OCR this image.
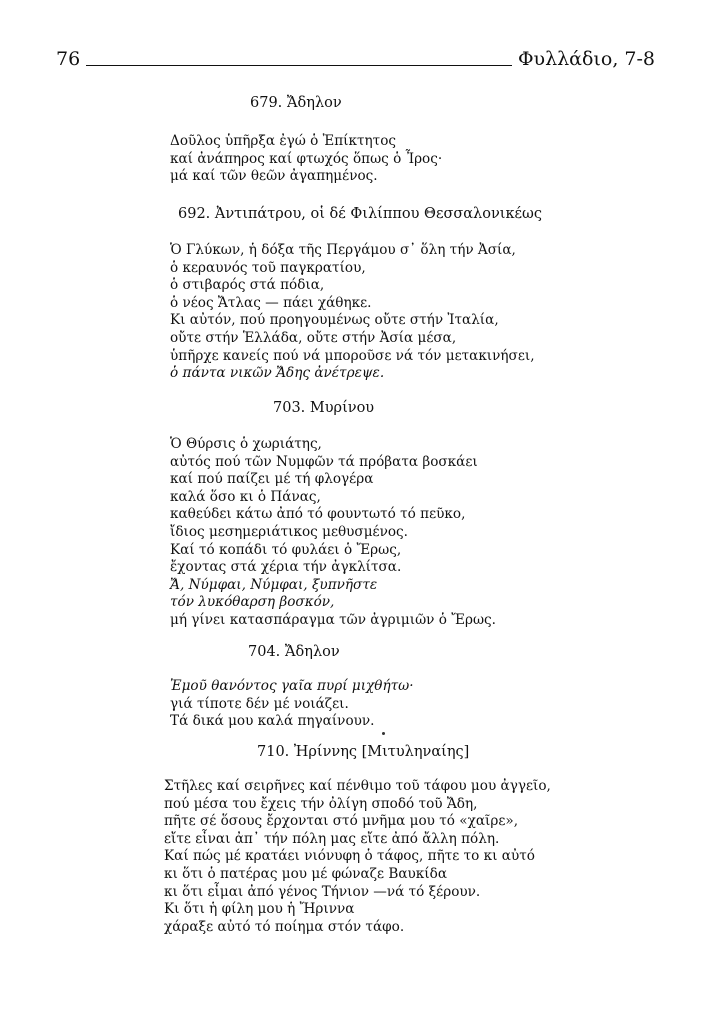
76	Φυλλάδιο, 7-8
679. Ἄδηλον
Δοῦλος ὑπῆρξα ἐγώ ὁ Ἐπίκτητος
καί ἀνάπηρος καί φτωχός ὅπως ὁ Ἶρος·
μά καί τῶν θεῶν ἀγαπημένος.
692. Ἀντιπάτρου, οἱ δέ Φιλίππου Θεσσαλονικέως
Ὁ Γλύκων, ἡ δόξα τῆς Περγάμου σ᾽ ὅλη τήν Ἀσία,
ὁ κεραυνός τοῦ παγκρατίου,
ὁ στιβαρός στά πόδια,
ὁ νέος Ἄτλας — πάει χάθηκε.
Κι αὐτόν, πού προηγουμένως οὔτε στήν Ἰταλία,
οὔτε στήν Ἑλλάδα, οὔτε στήν Ἀσία μέσα,
ὑπῆρχε κανείς πού νά μποροῦσε νά τόν μετακινήσει,
ὁ πάντα νικῶν Ἄδης ἀνέτρεψε.
703. Μυρίνου
Ὁ Θύρσις ὁ χωριάτης,
αὐτός πού τῶν Νυμφῶν τά πρόβατα βοσκάει
καί πού παίζει μέ τή φλογέρα
καλά ὅσο κι ὁ Πάνας,
καθεύδει κάτω ἀπό τό φουντωτό τό πεῦκο,
ἴδιος μεσημεριάτικος μεθυσμένος.
Καί τό κοπάδι τό φυλάει ὁ Ἔρως,
ἔχοντας στά χέρια τήν ἀγκλίτσα.
Ἄ, Νύμφαι, Νύμφαι, ξυπνῆστε
τόν λυκόθαρση βοσκόν,
μή γίνει κατασπάραγμα τῶν ἀγριμιῶν ὁ Ἔρως.
704. Ἄδηλον
Ἐμοῦ θανόντος γαῖα πυρί μιχθήτω·
γιά τίποτε δέν μέ νοιάζει.
Τά δικά μου καλά πηγαίνουν.
710. Ἠρίννης [Μιτυληναίης]
Στῆλες καί σειρῆνες καί πένθιμο τοῦ τάφου μου ἀγγεῖο,
πού μέσα του ἔχεις τήν ὀλίγη σποδό τοῦ Ἄδη,
πῆτε σέ ὅσους ἔρχονται στό μνῆμα μου τό «χαῖρε»,
εἴτε εἶναι ἀπ᾽ τήν πόλη μας εἴτε ἀπό ἄλλη πόλη.
Καί πώς μέ κρατάει νιόνυφη ὁ τάφος, πῆτε το κι αὐτό
κι ὅτι ὁ πατέρας μου μέ φώναζε Βαυκίδα
κι ὅτι εἶμαι ἀπό γένος Τήνιον —νά τό ξέρουν.
Κι ὅτι ἡ φίλη μου ἡ Ἤριννα
χάραξε αὐτό τό ποίημα στόν τάφο.
